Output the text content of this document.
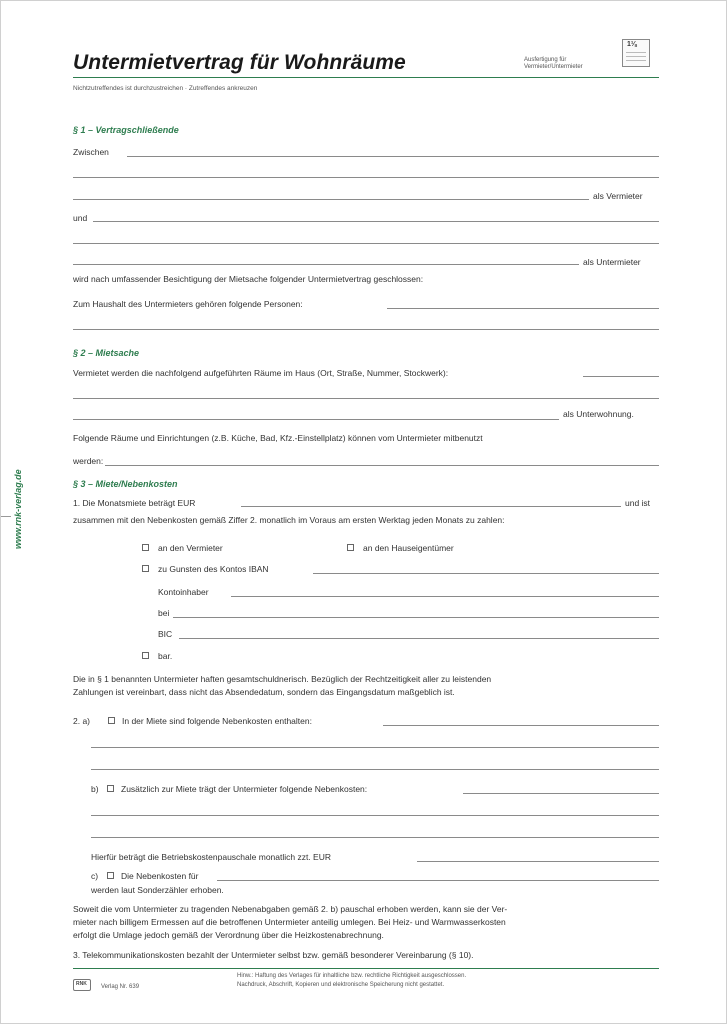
Untermietvertrag für Wohnräume	Ausfertigung für
Vermieter/Untermieter
1⅛
Nichtzutreffendes ist durchzustreichen · Zutreffendes ankreuzen
www.rnk-verlag.de
§ 1 – Vertragschließende
Zwischen
als Vermieter
und
als Untermieter
wird nach umfassender Besichtigung der Mietsache folgender Untermietvertrag geschlossen:
Zum Haushalt des Untermieters gehören folgende Personen:
§ 2 – Mietsache
Vermietet werden die nachfolgend aufgeführten Räume im Haus (Ort, Straße, Nummer, Stockwerk):
als Unterwohnung.
Folgende Räume und Einrichtungen (z.B. Küche, Bad, Kfz.-Einstellplatz) können vom Untermieter mitbenutzt
werden:
§ 3 – Miete/Nebenkosten
1. Die Monatsmiete beträgt EUR	und ist
zusammen mit den Nebenkosten gemäß Ziffer 2. monatlich im Voraus am ersten Werktag jeden Monats zu zahlen:
an den Vermieter	an den Hauseigentümer
zu Gunsten des Kontos IBAN
Kontoinhaber
bei
BIC
bar.
Die in § 1 benannten Untermieter haften gesamtschuldnerisch. Bezüglich der Rechtzeitigkeit aller zu leistenden
Zahlungen ist vereinbart, dass nicht das Absendedatum, sondern das Eingangsdatum maßgeblich ist.
2. a)	In der Miete sind folgende Nebenkosten enthalten:
b)	Zusätzlich zur Miete trägt der Untermieter folgende Nebenkosten:
Hierfür beträgt die Betriebskostenpauschale monatlich zzt. EUR
c)	Die Nebenkosten für
werden laut Sonderzähler erhoben.
Soweit die vom Untermieter zu tragenden Nebenabgaben gemäß 2. b) pauschal erhoben werden, kann sie der Ver-
mieter nach billigem Ermessen auf die betroffenen Untermieter anteilig umlegen. Bei Heiz- und Warmwasserkosten
erfolgt die Umlage jedoch gemäß der Verordnung über die Heizkostenabrechnung.
3. Telekommunikationskosten bezahlt der Untermieter selbst bzw. gemäß besonderer Vereinbarung (§ 10).
RNK Verlag Nr. 639
Hinw.: Haftung des Verlages für inhaltliche bzw. rechtliche Richtigkeit ausgeschlossen.
Nachdruck, Abschrift, Kopieren und elektronische Speicherung nicht gestattet.
